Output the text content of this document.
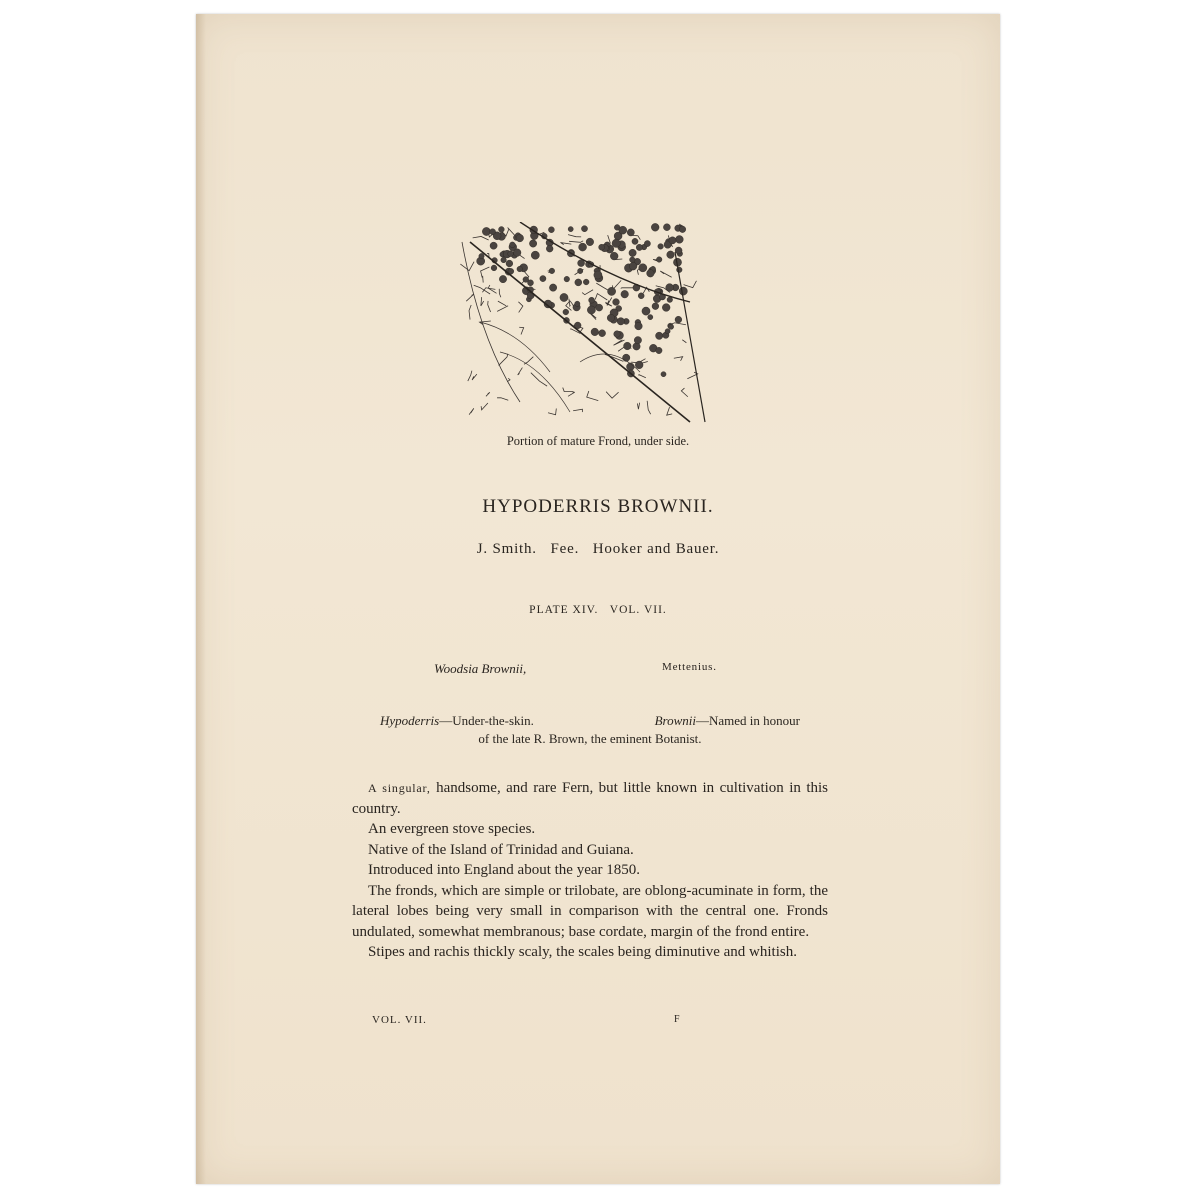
Portion of mature Frond, under side.
HYPODERRIS BROWNII.
J. Smith. Fee. Hooker and Bauer.
PLATE XIV.   VOL. VII.
Woodsia Brownii,	Mettenius.
Hypoderris—Under-the-skin.	Brownii—Named in honour
of the late R. Brown, the eminent Botanist.

A singular, handsome, and rare Fern, but little known in cultivation in this country.

An evergreen stove species.

Native of the Island of Trinidad and Guiana.

Introduced into England about the year 1850.

The fronds, which are simple or trilobate, are oblong-acuminate in form, the lateral lobes being very small in comparison with the central one. Fronds undulated, somewhat membranous; base cordate, margin of the frond entire.

Stipes and rachis thickly scaly, the scales being diminutive and whitish.

VOL. VII.	F
